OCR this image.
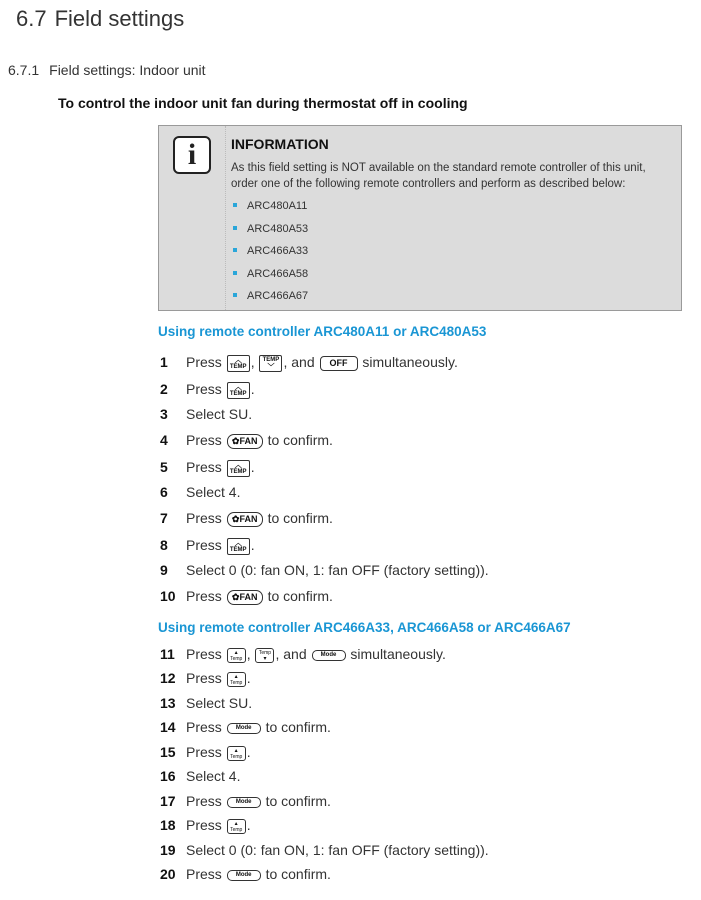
6.7 Field settings
6.7.1 Field settings: Indoor unit
To control the indoor unit fan during thermostat off in cooling
i	INFORMATION
As this field setting is NOT available on the standard remote controller of this unit, order one of the following remote controllers and perform as described below:
ARC480A11
ARC480A53
ARC466A33
ARC466A58
ARC466A67
Using remote controller ARC480A11 or ARC480A53
1 Press	︿
TEMP , TEMP
﹀ , and OFF simultaneously.
2 Press	︿
TEMP .
3 Select SU.
4 Press ✿FAN to confirm.
5 Press	︿
TEMP .
6 Select 4.
7 Press ✿FAN to confirm.
8 Press	︿
TEMP .
9 Select 0 (0: fan ON, 1: fan OFF (factory setting)).
10 Press ✿FAN to confirm.
Using remote controller ARC466A33, ARC466A58 or ARC466A67
11 Press	▴
Temp , Temp
▾ , and Mode simultaneously.
12 Press	▴
Temp .
13 Select SU.
14 Press Mode to confirm.
15 Press	▴
Temp .
16 Select 4.
17 Press Mode to confirm.
18 Press	▴
Temp .
19 Select 0 (0: fan ON, 1: fan OFF (factory setting)).
20 Press Mode to confirm.
